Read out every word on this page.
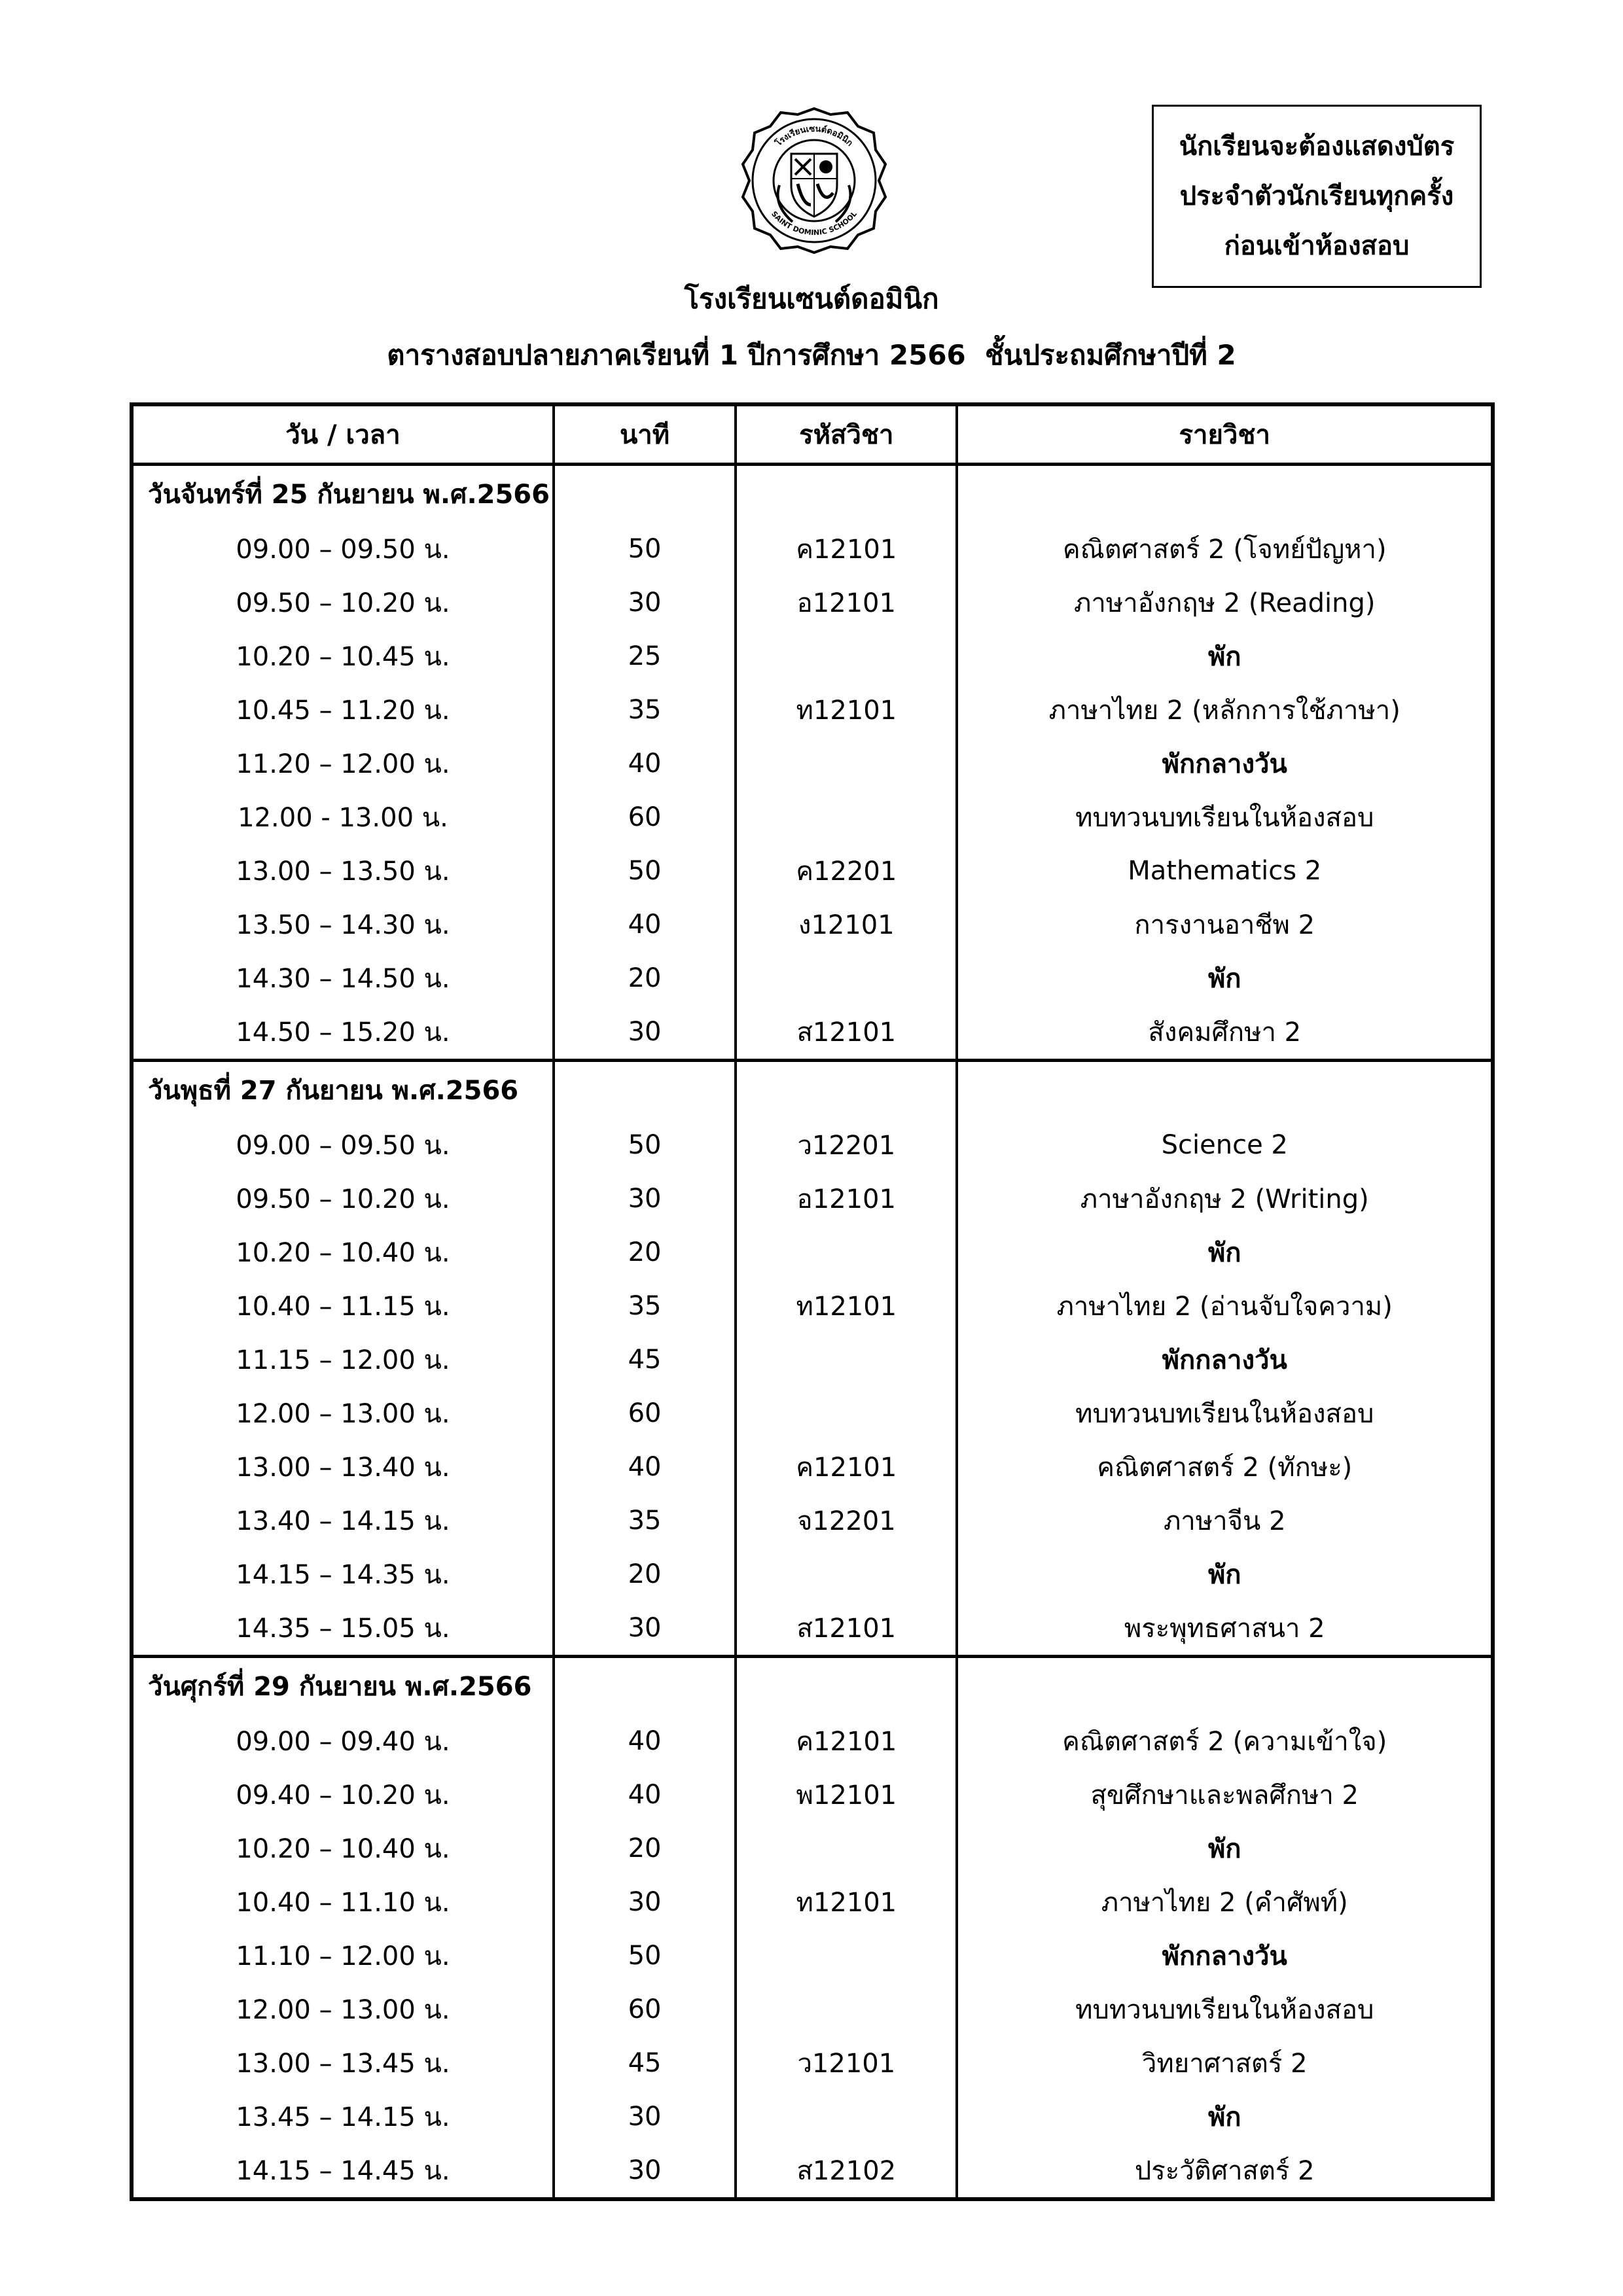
โรงเรียนเซนต์ดอมินิก
SAINT DOMINIC SCHOOL
นักเรียนจะต้องแสดงบัตร
ประจำตัวนักเรียนทุกครั้ง
ก่อนเข้าห้องสอบ
โรงเรียนเซนต์ดอมินิก
ตารางสอบปลายภาคเรียนที่ 1 ปีการศึกษา 2566  ชั้นประถมศึกษาปีที่ 2
วัน / เวลา	นาที	รหัสวิชา	รายวิชา
วันจันทร์ที่ 25 กันยายน พ.ศ.2566			
09.00 – 09.50 น.	50	ค12101	คณิตศาสตร์ 2 (โจทย์ปัญหา)
09.50 – 10.20 น.	30	อ12101	ภาษาอังกฤษ 2 (Reading)
10.20 – 10.45 น.	25		พัก
10.45 – 11.20 น.	35	ท12101	ภาษาไทย 2 (หลักการใช้ภาษา)
11.20 – 12.00 น.	40		พักกลางวัน
12.00 - 13.00 น.	60		ทบทวนบทเรียนในห้องสอบ
13.00 – 13.50 น.	50	ค12201	Mathematics 2
13.50 – 14.30 น.	40	ง12101	การงานอาชีพ 2
14.30 – 14.50 น.	20		พัก
14.50 – 15.20 น.	30	ส12101	สังคมศึกษา 2
วันพุธที่ 27 กันยายน พ.ศ.2566			
09.00 – 09.50 น.	50	ว12201	Science 2
09.50 – 10.20 น.	30	อ12101	ภาษาอังกฤษ 2 (Writing)
10.20 – 10.40 น.	20		พัก
10.40 – 11.15 น.	35	ท12101	ภาษาไทย 2 (อ่านจับใจความ)
11.15 – 12.00 น.	45		พักกลางวัน
12.00 – 13.00 น.	60		ทบทวนบทเรียนในห้องสอบ
13.00 – 13.40 น.	40	ค12101	คณิตศาสตร์ 2 (ทักษะ)
13.40 – 14.15 น.	35	จ12201	ภาษาจีน 2
14.15 – 14.35 น.	20		พัก
14.35 – 15.05 น.	30	ส12101	พระพุทธศาสนา 2
วันศุกร์ที่ 29 กันยายน พ.ศ.2566			
09.00 – 09.40 น.	40	ค12101	คณิตศาสตร์ 2 (ความเข้าใจ)
09.40 – 10.20 น.	40	พ12101	สุขศึกษาและพลศึกษา 2
10.20 – 10.40 น.	20		พัก
10.40 – 11.10 น.	30	ท12101	ภาษาไทย 2 (คำศัพท์)
11.10 – 12.00 น.	50		พักกลางวัน
12.00 – 13.00 น.	60		ทบทวนบทเรียนในห้องสอบ
13.00 – 13.45 น.	45	ว12101	วิทยาศาสตร์ 2
13.45 – 14.15 น.	30		พัก
14.15 – 14.45 น.	30	ส12102	ประวัติศาสตร์ 2
